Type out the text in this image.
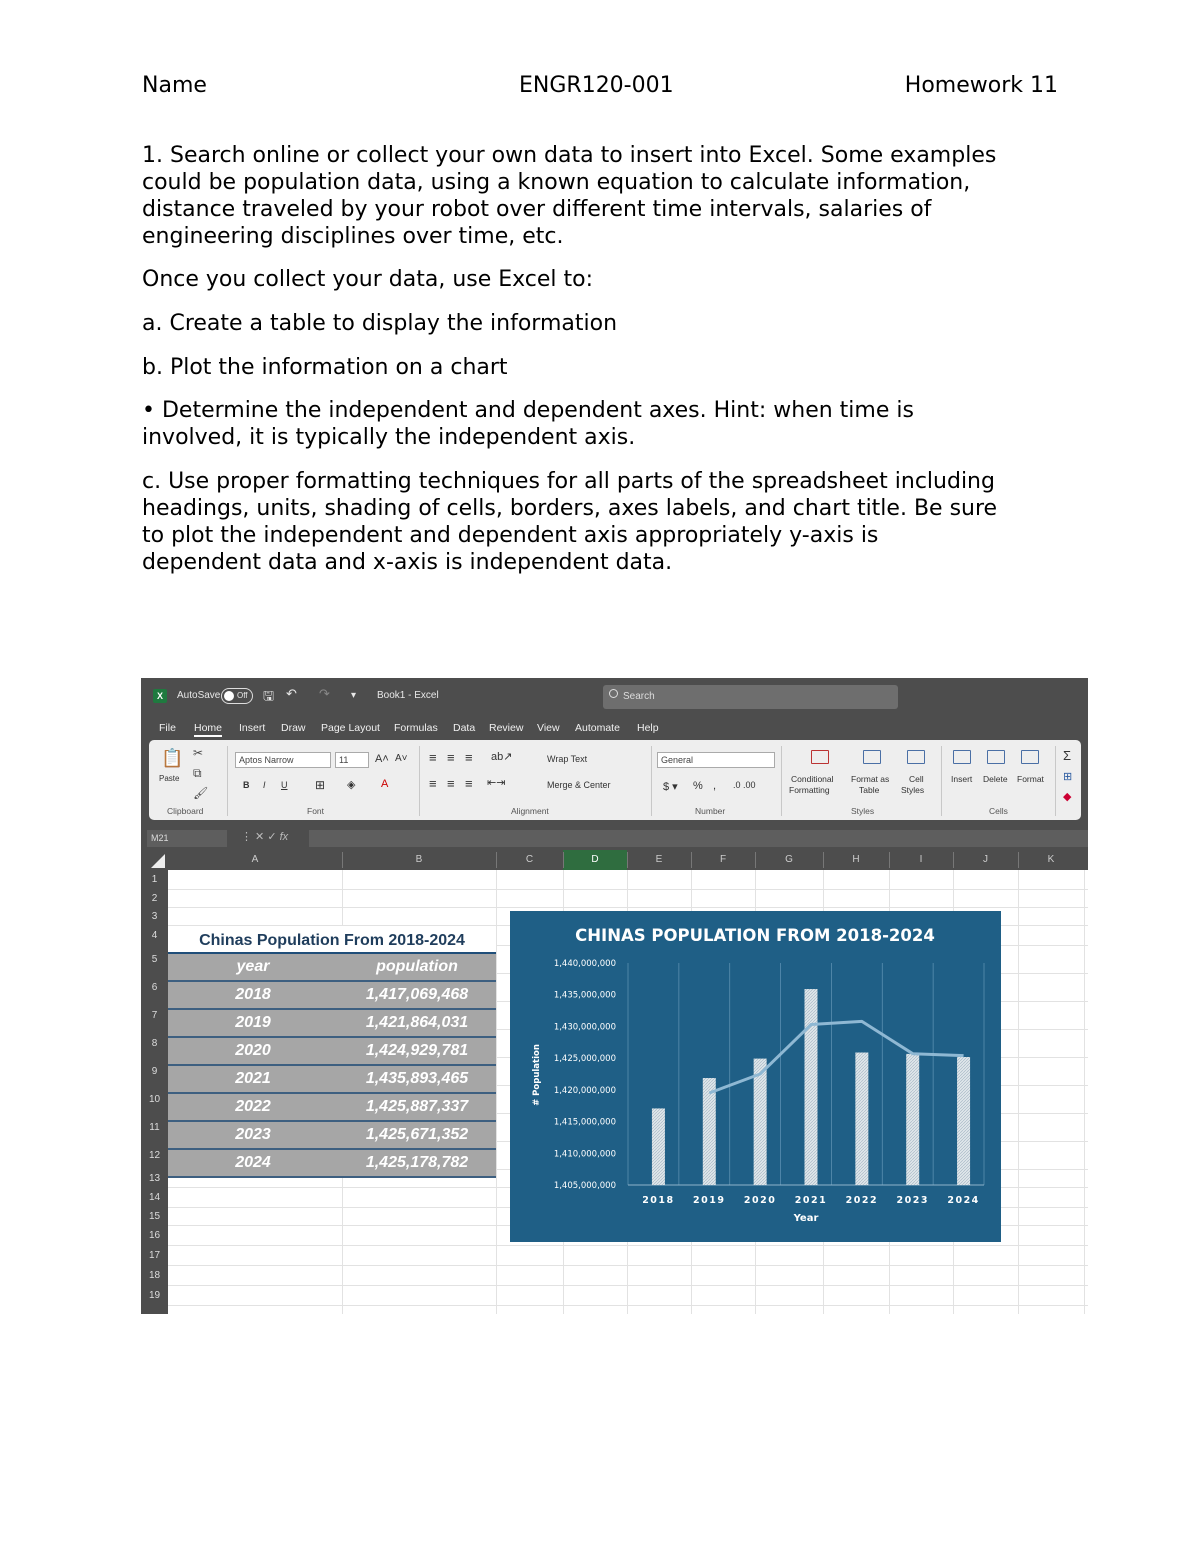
Name	ENGR120-001	Homework 11
1. Search online or collect your own data to insert into Excel. Some examples
could be population data, using a known equation to calculate information,
distance traveled by your robot over different time intervals, salaries of
engineering disciplines over time, etc.
Once you collect your data, use Excel to:
a. Create a table to display the information
b. Plot the information on a chart
• Determine the independent and dependent axes. Hint: when time is
involved, it is typically the independent axis.
c. Use proper formatting techniques for all parts of the spreadsheet including
headings, units, shading of cells, borders, axes labels, and chart title. Be sure
to plot the independent and dependent axis appropriately y-axis is
dependent data and x-axis is independent data.
X	AutoSave Off 🖫 ↶ ↷ ▾ Book1 - Excel	Search
File Home Insert Draw Page Layout Formulas Data Review View Automate Help
📋
Paste
✂
⧉
🖌
Clipboard
Aptos Narrow	11	A˄ A˅
B I U ⊞ ◈ A
Font
≡ ≡ ≡ ab↗
≡ ≡ ≡ ⇤⇥
Wrap Text
Merge & Center
Alignment
General
$ ▾ % , .0 .00
Number
Conditional
Formatting
Format as
Table
Cell
Styles
Styles
Insert Delete Format
Cells
Σ
⊞
◆
M21	⋮ ✕ ✓ fx
A	B	C	D	E	F	G	H	I	J	K
1
2
3
4
5
6
7
8
9
10
11
12
13
14
15
16
17
18
19
Chinas Population From 2018-2024
year	population
2018	1,417,069,468
2019	1,421,864,031
2020	1,424,929,781
2021	1,435,893,465
2022	1,425,887,337
2023	1,425,671,352
2024	1,425,178,782
1,405,000,000
1,410,000,000
1,415,000,000
1,420,000,000
1,425,000,000
1,430,000,000
1,435,000,000
1,440,000,000
2018 2019 2020 2021 2022 2023 2024
CHINAS POPULATION FROM 2018-2024
Year
# Population
